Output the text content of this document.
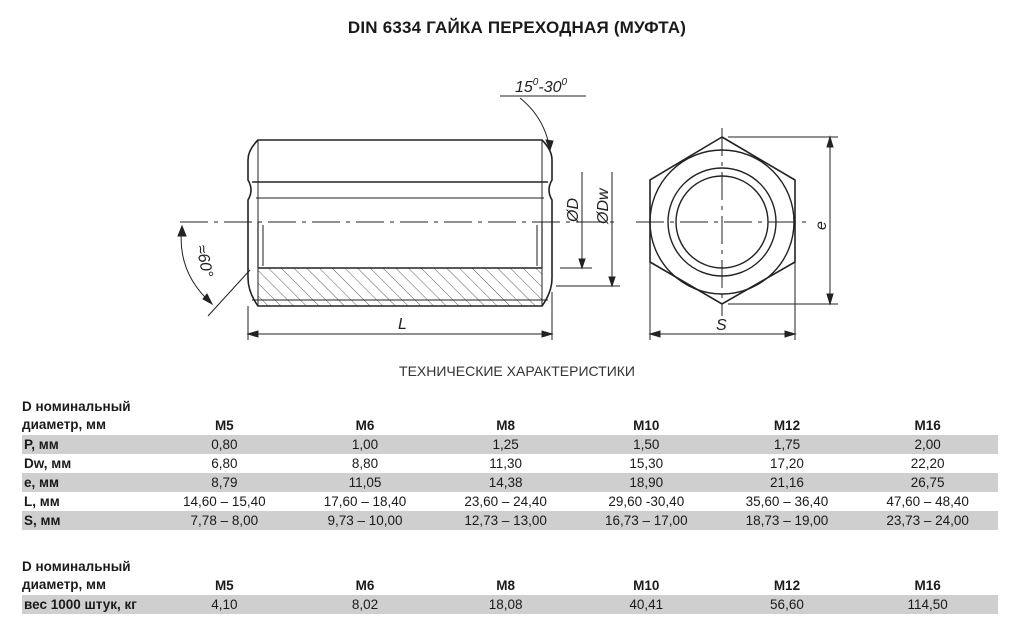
DIN 6334 ГАЙКА ПЕРЕХОДНАЯ (МУФТА)
$15^0-30^0$
≈60°
ØD ØDw
L
e
S
ТЕХНИЧЕСКИЕ ХАРАКТЕРИСТИКИ
D номинальный
диаметр, мм	M5	M6	M8	M10	M12	M16
P, мм	0,80	1,00	1,25	1,50	1,75	2,00
Dw, мм	6,80	8,80	11,30	15,30	17,20	22,20
e, мм	8,79	11,05	14,38	18,90	21,16	26,75
L, мм	14,60 – 15,40	17,60 – 18,40	23,60 – 24,40	29,60 -30,40	35,60 – 36,40	47,60 – 48,40
S, мм	7,78 – 8,00	9,73 – 10,00	12,73 – 13,00	16,73 – 17,00	18,73 – 19,00	23,73 – 24,00
D номинальный
диаметр, мм	M5	M6	M8	M10	M12	M16
вес 1000 штук, кг	4,10	8,02	18,08	40,41	56,60	114,50
